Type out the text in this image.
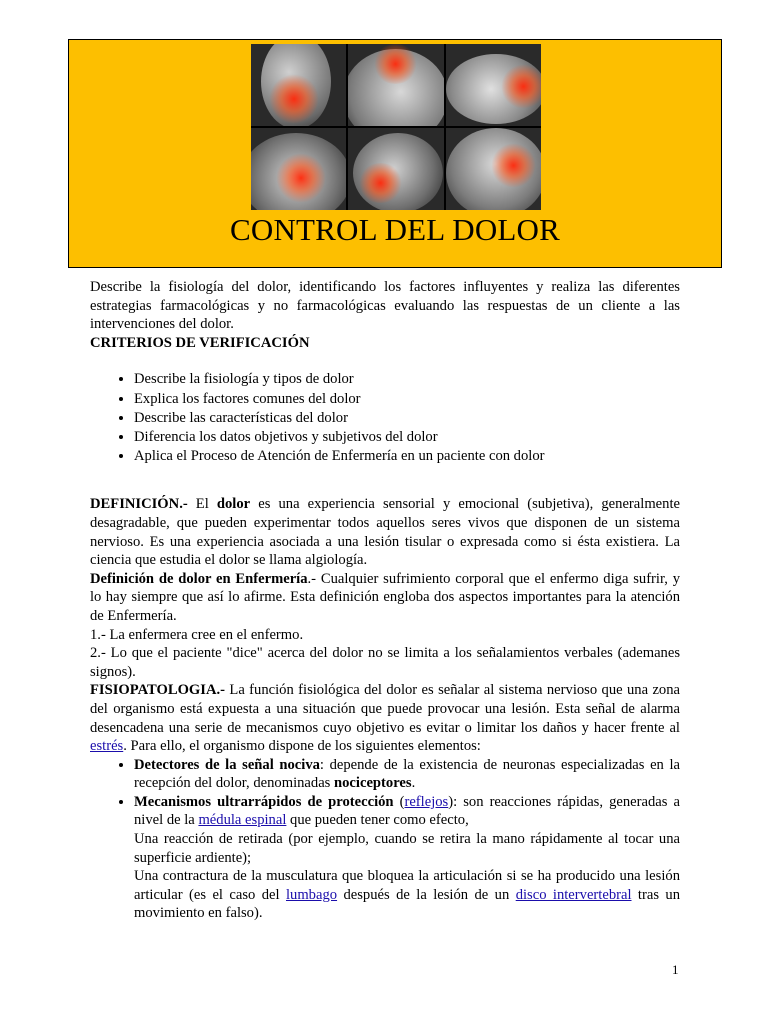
CONTROL DEL DOLOR

Describe la fisiología del dolor, identificando los factores influyentes y realiza las diferentes estrategias farmacológicas y no farmacológicas evaluando las respuestas de un cliente a las intervenciones del dolor.

CRITERIOS DE VERIFICACIÓN
• Describe la fisiología y tipos de dolor
• Explica los factores comunes del dolor
• Describe las características del dolor
• Diferencia los datos objetivos y subjetivos del dolor
• Aplica el Proceso de Atención de Enfermería en un paciente con dolor

DEFINICIÓN.- El dolor es una experiencia sensorial y emocional (subjetiva), generalmente desagradable, que pueden experimentar todos aquellos seres vivos que disponen de un sistema nervioso. Es una experiencia asociada a una lesión tisular o expresada como si ésta existiera. La ciencia que estudia el dolor se llama algiología.

Definición de dolor en Enfermería.- Cualquier sufrimiento corporal que el enfermo diga sufrir, y lo hay siempre que así lo afirme. Esta definición engloba dos aspectos importantes para la atención de Enfermería.

1.- La enfermera cree en el enfermo.

2.- Lo que el paciente "dice" acerca del dolor no se limita a los señalamientos verbales (ademanes signos).

FISIOPATOLOGIA.- La función fisiológica del dolor es señalar al sistema nervioso que una zona del organismo está expuesta a una situación que puede provocar una lesión. Esta señal de alarma desencadena una serie de mecanismos cuyo objetivo es evitar o limitar los daños y hacer frente al estrés. Para ello, el organismo dispone de los siguientes elementos:

• Detectores de la señal nociva: depende de la existencia de neuronas especializadas en la recepción del dolor, denominadas nociceptores.
• Mecanismos ultrarrápidos de protección (reflejos): son reacciones rápidas, generadas a nivel de la médula espinal que pueden tener como efecto,
Una reacción de retirada (por ejemplo, cuando se retira la mano rápidamente al tocar una superficie ardiente);
Una contractura de la musculatura que bloquea la articulación si se ha producido una lesión articular (es el caso del lumbago después de la lesión de un disco intervertebral tras un movimiento en falso).
1
